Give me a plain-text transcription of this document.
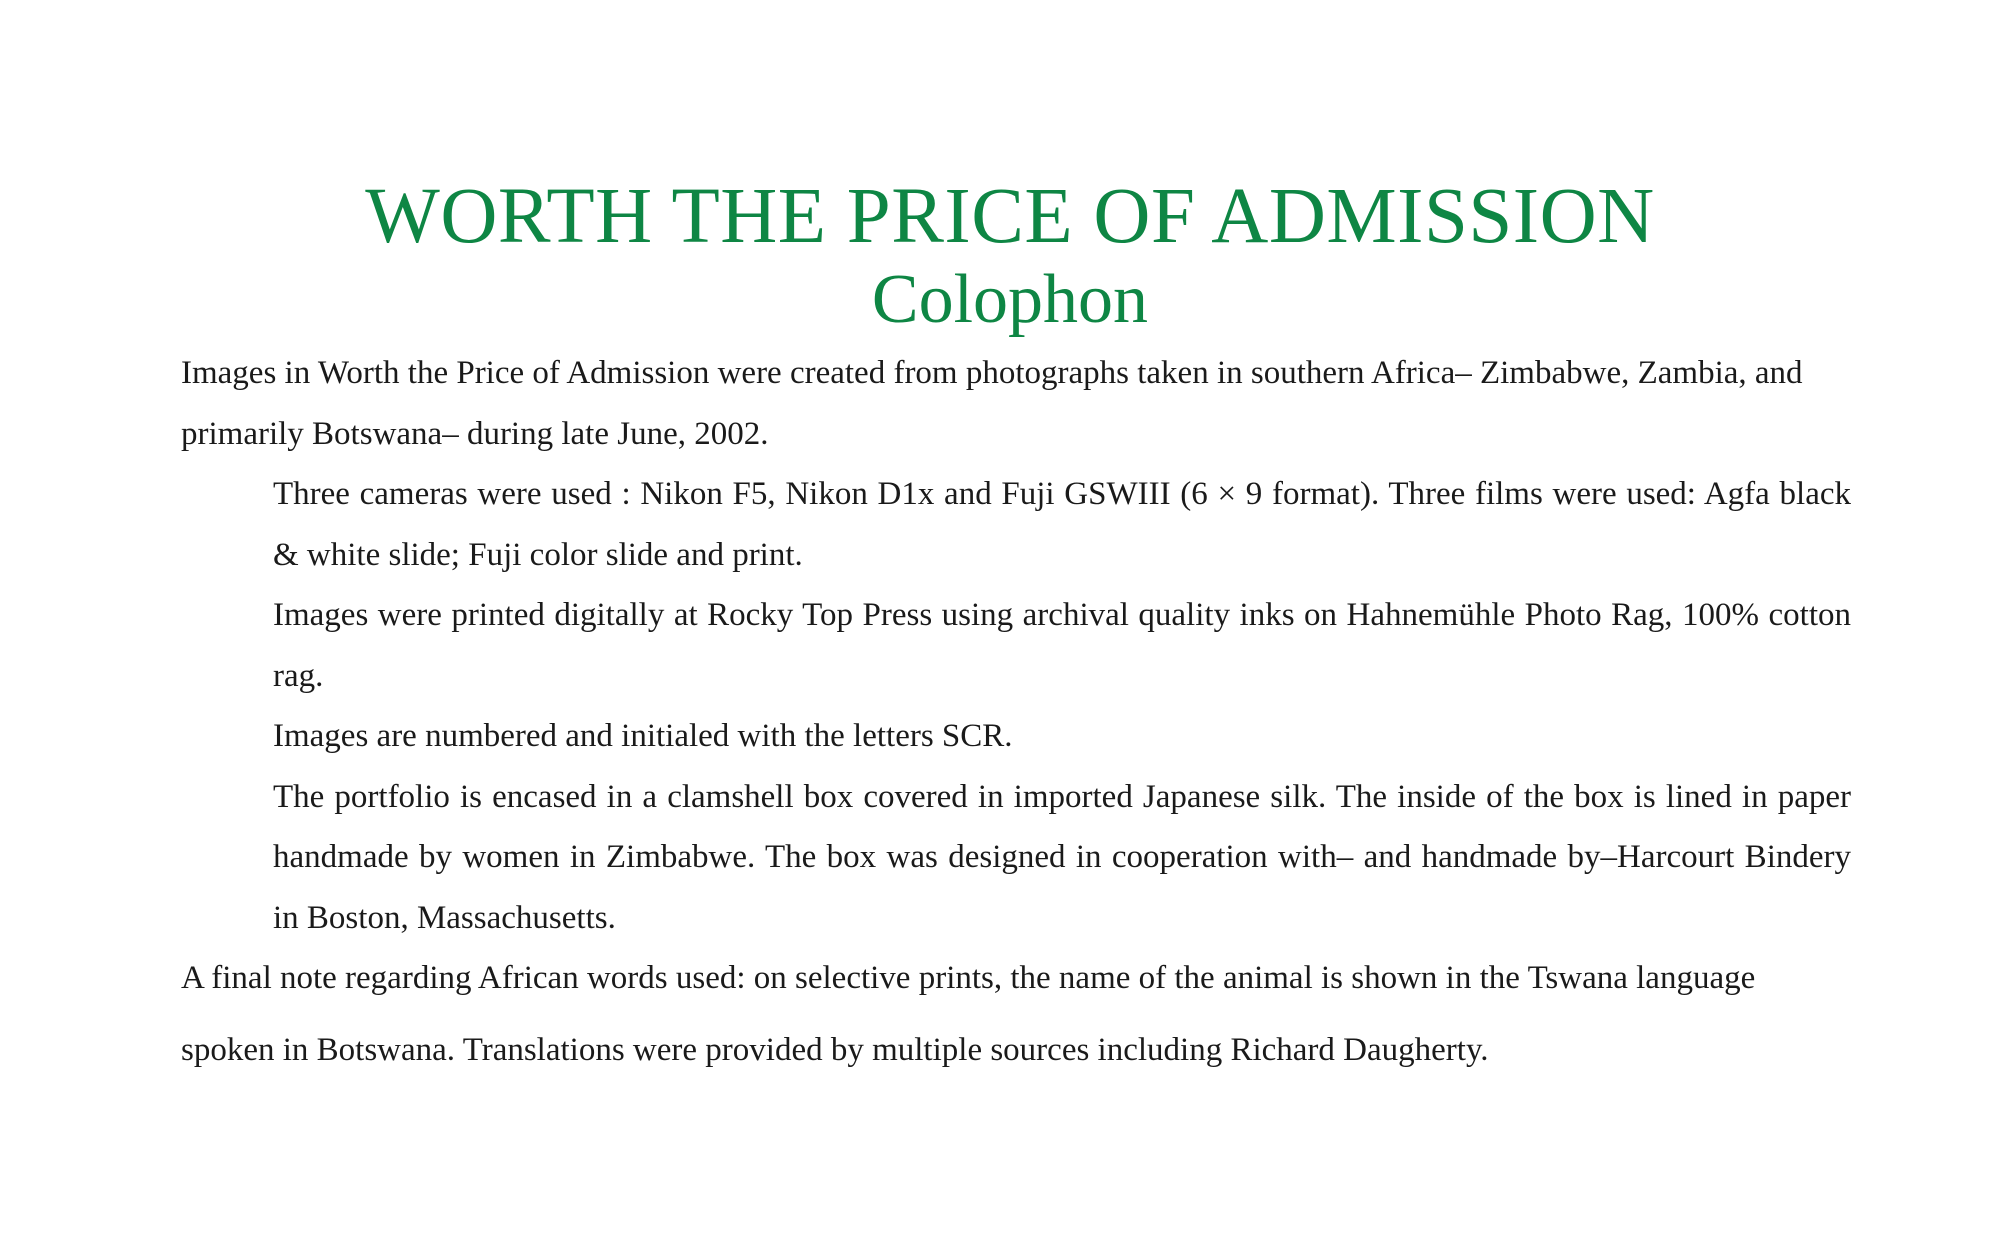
WORTH THE PRICE OF ADMISSION
Colophon

Images in Worth the Price of Admission were created from photographs taken in southern Africa– Zimbabwe, Zambia, and primarily Botswana– during late June, 2002.

Three cameras were used : Nikon F5, Nikon D1x and Fuji GSWIII (6 × 9 format). Three films were used: Agfa black & white slide; Fuji color slide and print.

Images were printed digitally at Rocky Top Press using archival quality inks on Hahnemühle Photo Rag, 100% cotton rag.

Images are numbered and initialed with the letters SCR.

The portfolio is encased in a clamshell box covered in imported Japanese silk. The inside of the box is lined in paper handmade by women in Zimbabwe. The box was designed in cooperation with– and handmade by–Harcourt Bindery in Boston, Massachusetts.

A final note regarding African words used: on selective prints, the name of the animal is shown in the Tswana language spoken in Botswana. Translations were provided by multiple sources including Richard Daugherty.
